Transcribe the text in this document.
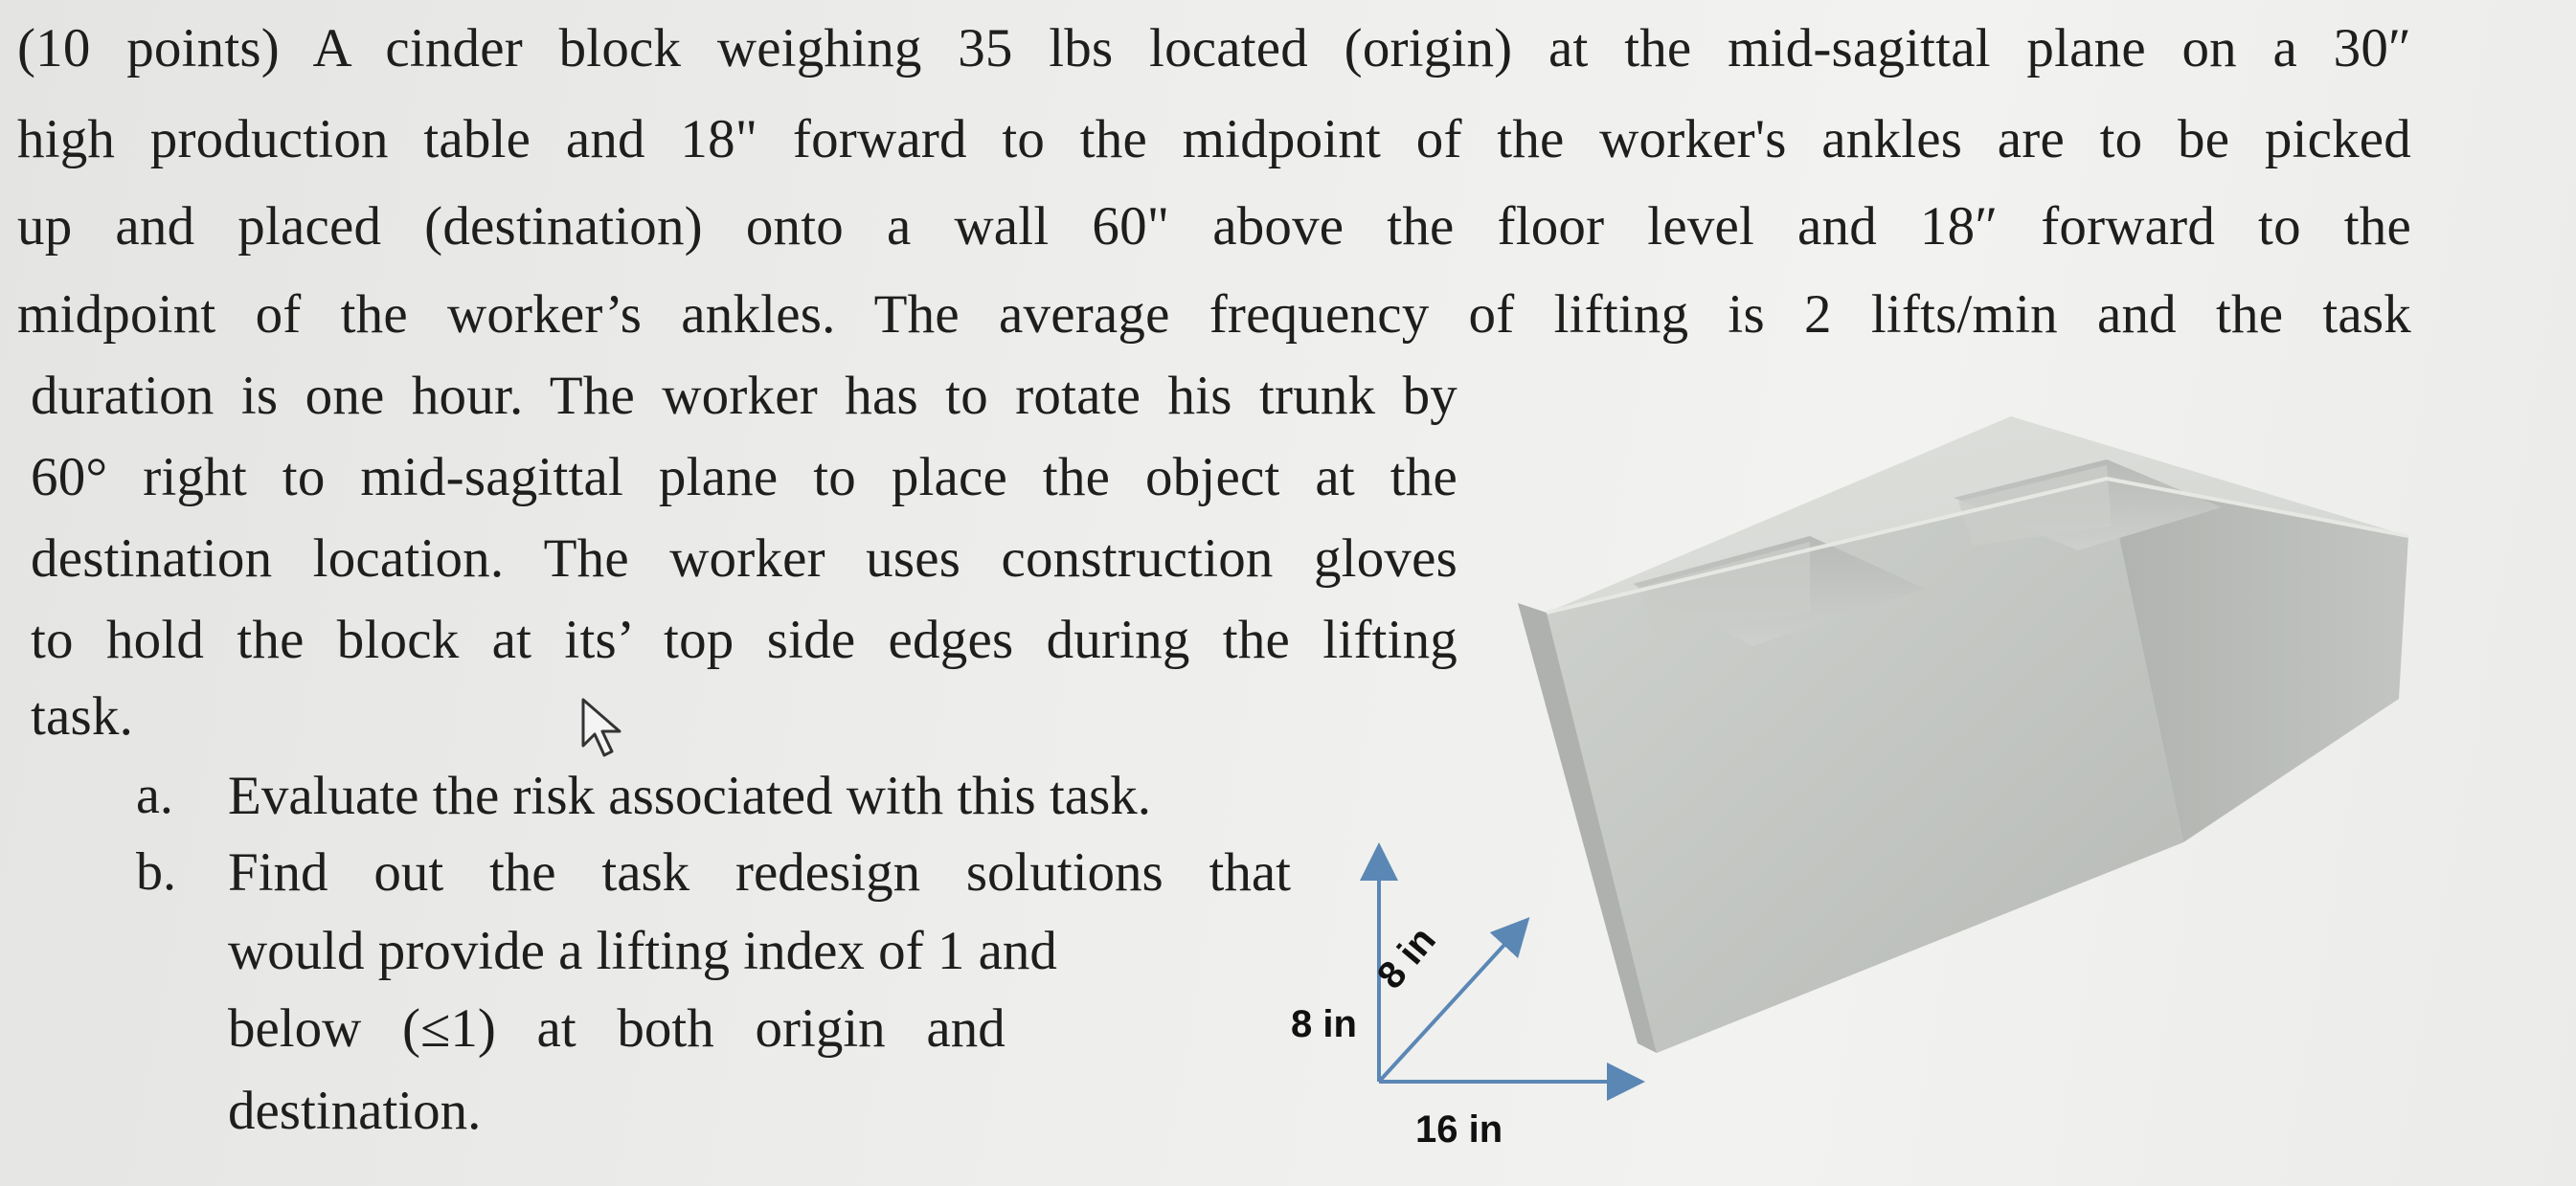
(10 points) A cinder block weighing 35 lbs located (origin) at the mid-sagittal plane on a 30″
high production table and 18" forward to the midpoint of the worker's ankles are to be picked
up and placed (destination) onto a wall 60" above the floor level and 18″ forward to the
midpoint of the worker’s ankles. The average frequency of lifting is 2 lifts/min and the task
duration is one hour. The worker has to rotate his trunk by
60° right to mid-sagittal plane to place the object at the
destination location. The worker uses construction gloves
to hold the block at its’ top side edges during the lifting
task.
a. Evaluate the risk associated with this task.
b. Find out the task redesign solutions that
would provide a lifting index of 1 and
below   (≤1)   at   both   origin   and
destination.
8 in
8 in
16 in
